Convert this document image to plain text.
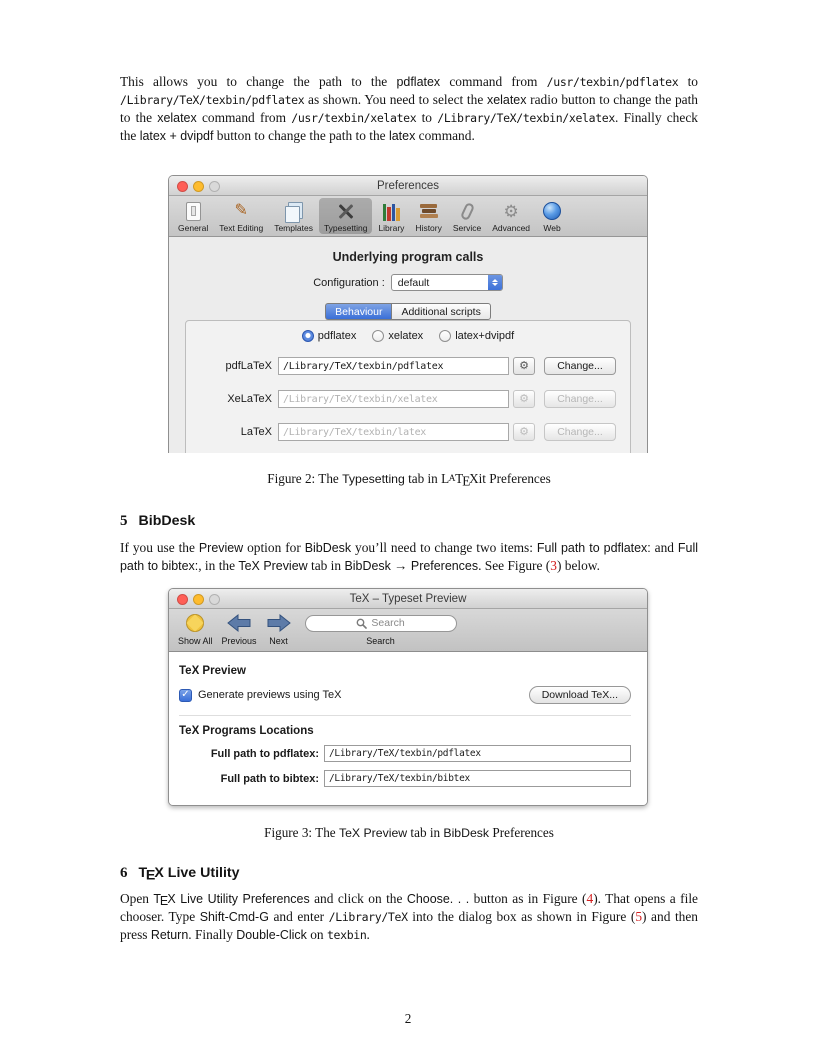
This allows you to change the path to the pdflatex command from /usr/texbin/pdflatex to /Library/TeX/texbin/pdflatex as shown. You need to select the xelatex radio button to change the path to the xelatex command from /usr/texbin/xelatex to /Library/TeX/texbin/xelatex. Finally check the latex + dvipdf button to change the path to the latex command.

Preferences
General
✎
Text Editing Templates Typesetting Library History Service
⚙
Advanced Web
Underlying program calls
Configuration :	default
Behaviour	Additional scripts
pdflatex	xelatex	latex+dvipdf
pdfLaTeX /Library/TeX/texbin/pdflatex	⚙	Change...
XeLaTeX /Library/TeX/texbin/xelatex	⚙	Change...
LaTeX /Library/TeX/texbin/latex	⚙	Change...

Figure 2: The Typesetting tab in LATEXit Preferences

5 BibDesk

If you use the Preview option for BibDesk you’ll need to change two items: Full path to pdflatex: and Full path to bibtex:, in the TeX Preview tab in BibDesk → Preferences. See Figure (3) below.

TeX – Typeset Preview
Show All Previous Next
Search
Search
TeX Preview
✓ Generate previews using TeX	Download TeX...
TeX Programs Locations
Full path to pdflatex: /Library/TeX/texbin/pdflatex
Full path to bibtex: /Library/TeX/texbin/bibtex

Figure 3: The TeX Preview tab in BibDesk Preferences

6 TEX Live Utility

Open TEX Live Utility Preferences and click on the Choose. . . button as in Figure (4). That opens a file chooser. Type Shift-Cmd-G and enter /Library/TeX into the dialog box as shown in Figure (5) and then press Return. Finally Double-Click on texbin.

2
